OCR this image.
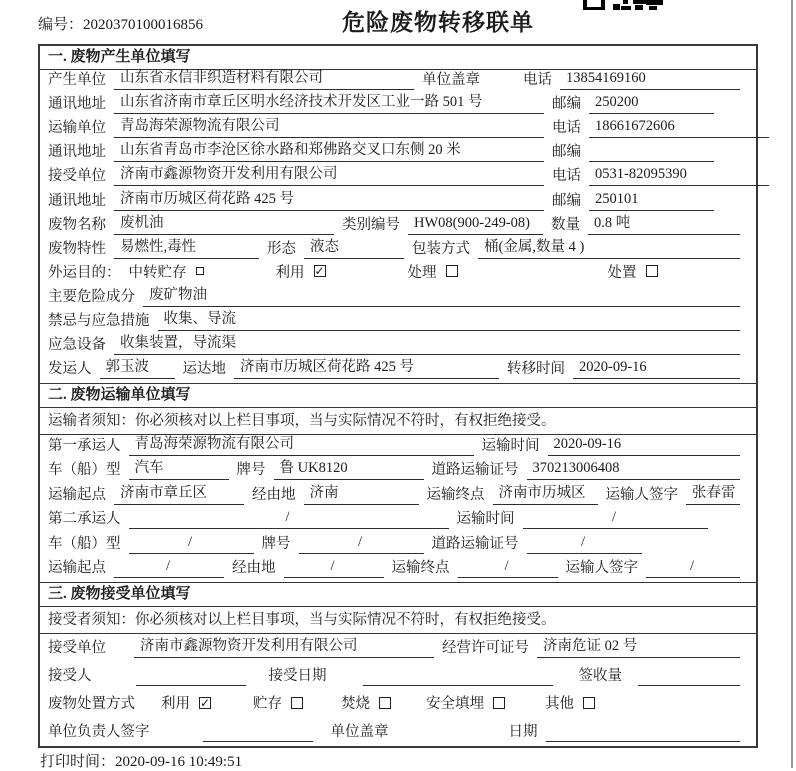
编号：2020370100016856	危险废物转移联单
一. 废物产生单位填写
产生单位 山东省永信非织造材料有限公司	单位盖章	电话 13854169160
通讯地址 山东省济南市章丘区明水经济技术开发区工业一路 501 号	邮编 250200
运输单位 青岛海荣源物流有限公司	电话 18661672606
通讯地址 山东省青岛市李沧区徐水路和郑佛路交叉口东侧 20 米	邮编
接受单位 济南市鑫源物资开发利用有限公司	电话 0531-82095390
通讯地址 济南市历城区荷花路 425 号	邮编 250101
废物名称 废机油	类别编号 HW08(900-249-08)	数量 0.8 吨
废物特性 易燃性,毒性	形态 液态	包装方式 桶(金属,数量 4 )
外运目的： 中转贮存	利用 ✓	处理	处置
主要危险成分 废矿物油
禁忌与应急措施 收集、导流
应急设备 收集装置，导流渠
发运人 郭玉波	运达地 济南市历城区荷花路 425 号	转移时间 2020-09-16
二. 废物运输单位填写
运输者须知：你必须核对以上栏目事项，当与实际情况不符时，有权拒绝接受。
第一承运人 青岛海荣源物流有限公司	运输时间 2020-09-16
车（船）型 汽车	牌号 鲁 UK8120	道路运输证号 370213006408
运输起点 济南市章丘区	经由地 济南	运输终点 济南市历城区	运输人签字 张春雷
第二承运人	/	运输时间	/
车（船）型	/	牌号	/	道路运输证号	/
运输起点	/	经由地	/	运输终点	/	运输人签字	/
三. 废物接受单位填写
接受者须知：你必须核对以上栏目事项，当与实际情况不符时，有权拒绝接受。
接受单位	济南市鑫源物资开发利用有限公司	经营许可证号 济南危证 02 号
接受人	接受日期	签收量
废物处置方式 利用 ✓	贮存	焚烧	安全填埋	其他
单位负责人签字	单位盖章	日期
打印时间：2020-09-16 10:49:51
